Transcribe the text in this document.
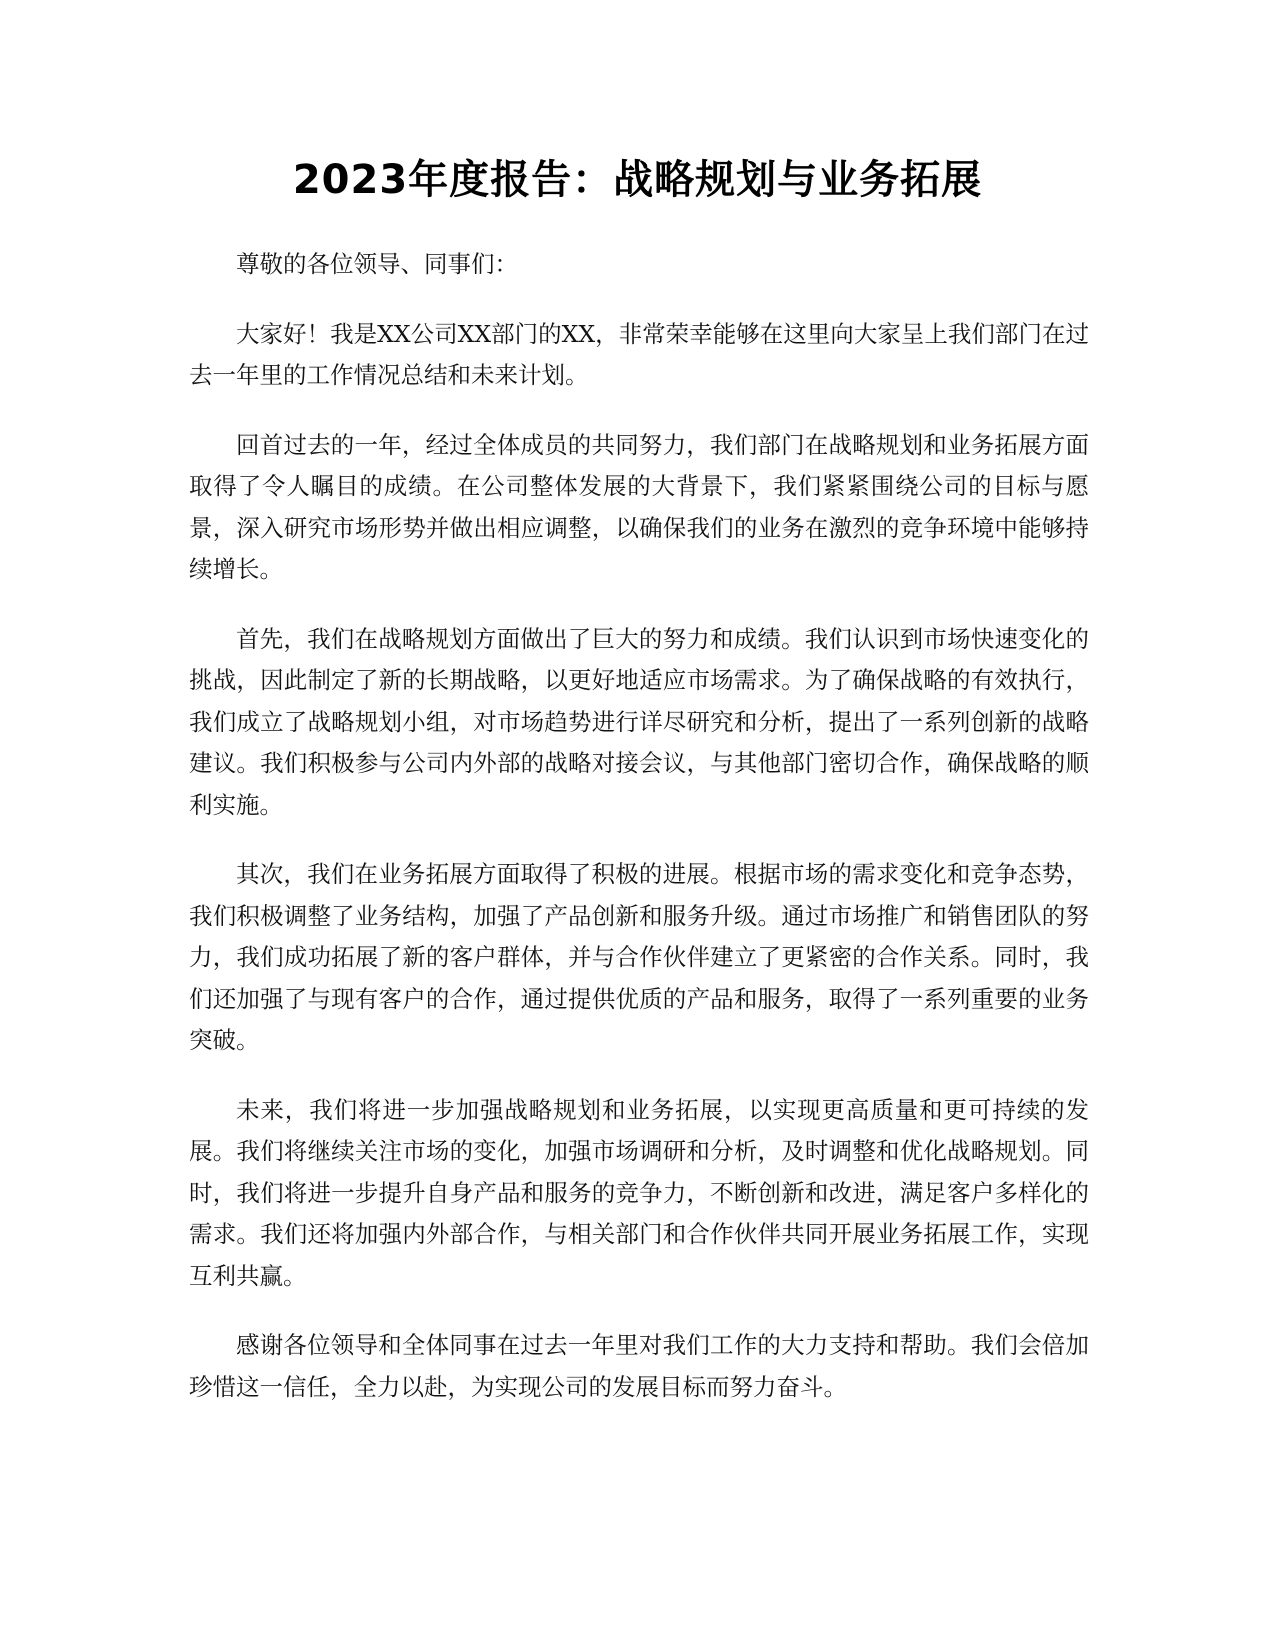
2023年度报告：战略规划与业务拓展

尊敬的各位领导、同事们：

大家好！我是XX公司XX部门的XX，非常荣幸能够在这里向大家呈上我们部门在过去一年里的工作情况总结和未来计划。

回首过去的一年，经过全体成员的共同努力，我们部门在战略规划和业务拓展方面取得了令人瞩目的成绩。在公司整体发展的大背景下，我们紧紧围绕公司的目标与愿景，深入研究市场形势并做出相应调整，以确保我们的业务在激烈的竞争环境中能够持续增长。

首先，我们在战略规划方面做出了巨大的努力和成绩。我们认识到市场快速变化的挑战，因此制定了新的长期战略，以更好地适应市场需求。为了确保战略的有效执行，我们成立了战略规划小组，对市场趋势进行详尽研究和分析，提出了一系列创新的战略建议。我们积极参与公司内外部的战略对接会议，与其他部门密切合作，确保战略的顺利实施。

其次，我们在业务拓展方面取得了积极的进展。根据市场的需求变化和竞争态势，我们积极调整了业务结构，加强了产品创新和服务升级。通过市场推广和销售团队的努力，我们成功拓展了新的客户群体，并与合作伙伴建立了更紧密的合作关系。同时，我们还加强了与现有客户的合作，通过提供优质的产品和服务，取得了一系列重要的业务突破。

未来，我们将进一步加强战略规划和业务拓展，以实现更高质量和更可持续的发展。我们将继续关注市场的变化，加强市场调研和分析，及时调整和优化战略规划。同时，我们将进一步提升自身产品和服务的竞争力，不断创新和改进，满足客户多样化的需求。我们还将加强内外部合作，与相关部门和合作伙伴共同开展业务拓展工作，实现互利共赢。

感谢各位领导和全体同事在过去一年里对我们工作的大力支持和帮助。我们会倍加珍惜这一信任，全力以赴，为实现公司的发展目标而努力奋斗。
